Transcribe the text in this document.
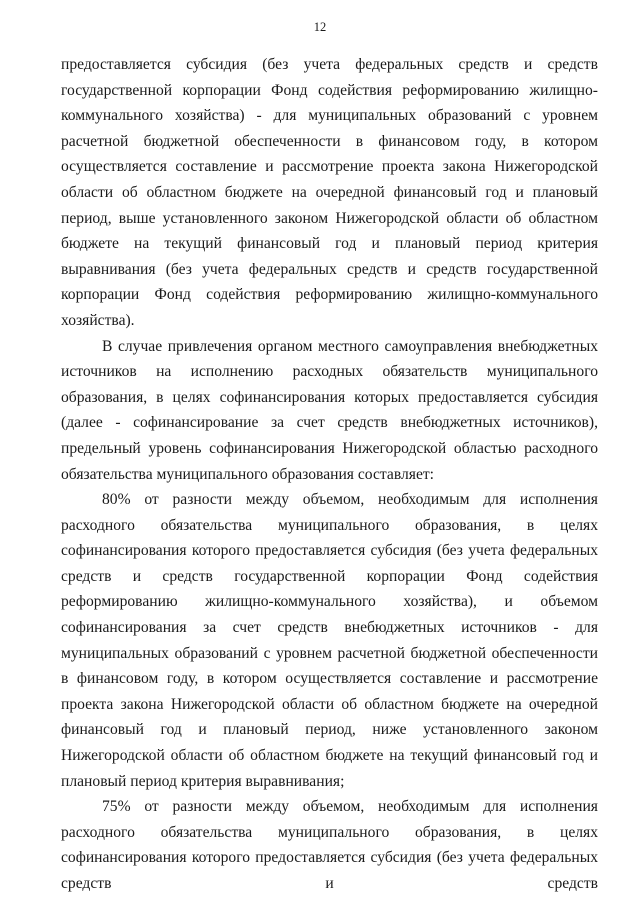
12

предоставляется субсидия (без учета федеральных средств и средств государственной корпорации Фонд содействия реформированию жилищно-коммунального хозяйства) - для муниципальных образований с уровнем расчетной бюджетной обеспеченности в финансовом году, в котором осуществляется составление и рассмотрение проекта закона Нижегородской области об областном бюджете на очередной финансовый год и плановый период, выше установленного законом Нижегородской области об областном бюджете на текущий финансовый год и плановый период критерия выравнивания (без учета федеральных средств и средств государственной корпорации Фонд содействия реформированию жилищно-коммунального хозяйства).

В случае привлечения органом местного самоуправления внебюджетных источников на исполнению расходных обязательств муниципального образования, в целях софинансирования которых предоставляется субсидия (далее - софинансирование за счет средств внебюджетных источников), предельный уровень софинансирования Нижегородской областью расходного обязательства муниципального образования составляет:

80% от разности между объемом, необходимым для исполнения расходного обязательства муниципального образования, в целях софинансирования которого предоставляется субсидия (без учета федеральных средств и средств государственной корпорации Фонд содействия реформированию жилищно-коммунального хозяйства), и объемом софинансирования за счет средств внебюджетных источников - для муниципальных образований с уровнем расчетной бюджетной обеспеченности в финансовом году, в котором осуществляется составление и рассмотрение проекта закона Нижегородской области об областном бюджете на очередной финансовый год и плановый период, ниже установленного законом Нижегородской области об областном бюджете на текущий финансовый год и плановый период критерия выравнивания;

75% от разности между объемом, необходимым для исполнения расходного обязательства муниципального образования, в целях софинансирования которого предоставляется субсидия (без учета федеральных средств и средств
